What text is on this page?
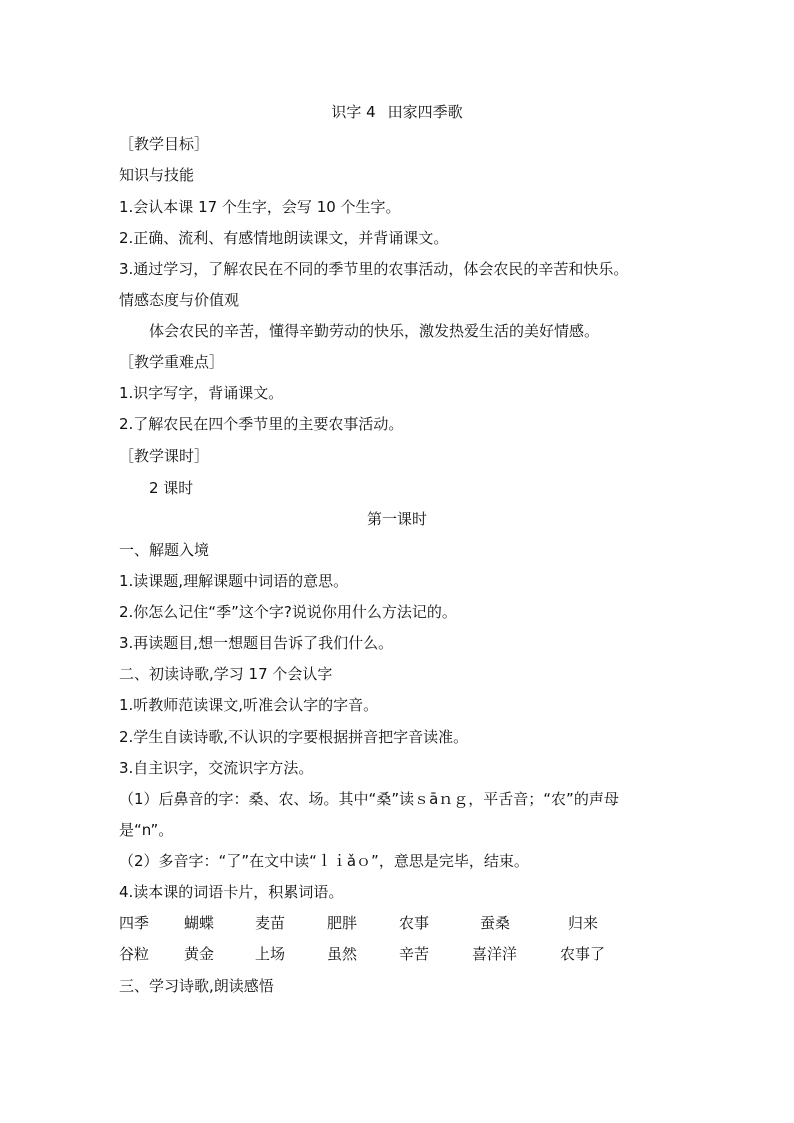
识字 4 田家四季歌
［教学目标］
知识与技能
1.会认本课 17 个生字，会写 10 个生字。
2.正确、流利、有感情地朗读课文，并背诵课文。
3.通过学习，了解农民在不同的季节里的农事活动，体会农民的辛苦和快乐。
情感态度与价值观
体会农民的辛苦，懂得辛勤劳动的快乐，激发热爱生活的美好情感。
［教学重难点］
1.识字写字，背诵课文。
2.了解农民在四个季节里的主要农事活动。
［教学课时］
2 课时
第一课时
一、解题入境
1.读课题,理解课题中词语的意思。
2.你怎么记住“季”这个字?说说你用什么方法记的。
3.再读题目,想一想题目告诉了我们什么。
二、初读诗歌,学习 17 个会认字
1.听教师范读课文,听准会认字的字音。
2.学生自读诗歌,不认识的字要根据拼音把字音读准。
3.自主识字，交流识字方法。
（1）后鼻音的字：桑、农、场。其中“桑”读ｓāｎｇ，平舌音；“农”的声母
是“n”。
（2）多音字：“了”在文中读“ｌｉǎｏ”，意思是完毕，结束。
4.读本课的词语卡片，积累词语。
四季 蝴蝶	麦苗	肥胖	农事	蚕桑	归来
谷粒 黄金	上场	虽然	辛苦	喜洋洋	农事了
三、学习诗歌,朗读感悟
